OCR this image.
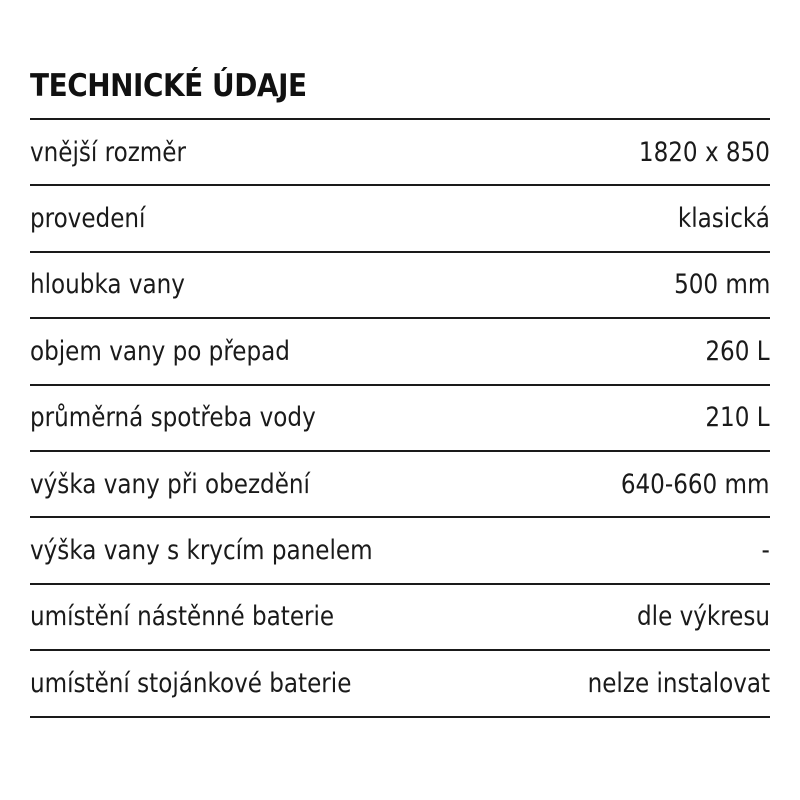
TECHNICKÉ ÚDAJE
vnější rozměr	1820 x 850
provedení	klasická
hloubka vany	500 mm
objem vany po přepad	260 L
průměrná spotřeba vody	210 L
výška vany při obezdění	640-660 mm
výška vany s krycím panelem	-
umístění nástěnné baterie	dle výkresu
umístění stojánkové baterie	nelze instalovat
